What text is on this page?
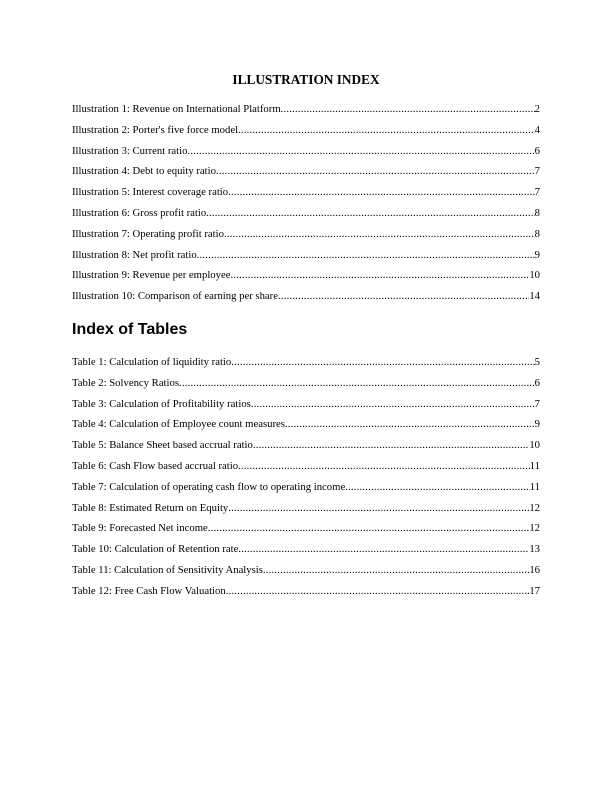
ILLUSTRATION INDEX
Illustration 1: Revenue on International Platform .....	2
Illustration 2: Porter's five force model .....	4
Illustration 3: Current ratio .....	6
Illustration 4: Debt to equity ratio .....	7
Illustration 5: Interest coverage ratio .....	7
Illustration 6: Gross profit ratio .....	8
Illustration 7: Operating profit ratio .....	8
Illustration 8: Net profit ratio .....	9
Illustration 9: Revenue per employee .....	10
Illustration 10: Comparison of earning per share .....	14
Index of Tables
Table 1: Calculation of liquidity ratio .....	5
Table 2: Solvency Ratios .....	6
Table 3: Calculation of Profitability ratios .....	7
Table 4: Calculation of Employee count measures .....	9
Table 5: Balance Sheet based accrual ratio .....	10
Table 6: Cash Flow based accrual ratio .....	11
Table 7: Calculation of operating cash flow to operating income .....	11
Table 8: Estimated Return on Equity .....	12
Table 9: Forecasted Net income .....	12
Table 10: Calculation of Retention rate .....	13
Table 11: Calculation of Sensitivity Analysis .....	16
Table 12: Free Cash Flow Valuation .....	17
